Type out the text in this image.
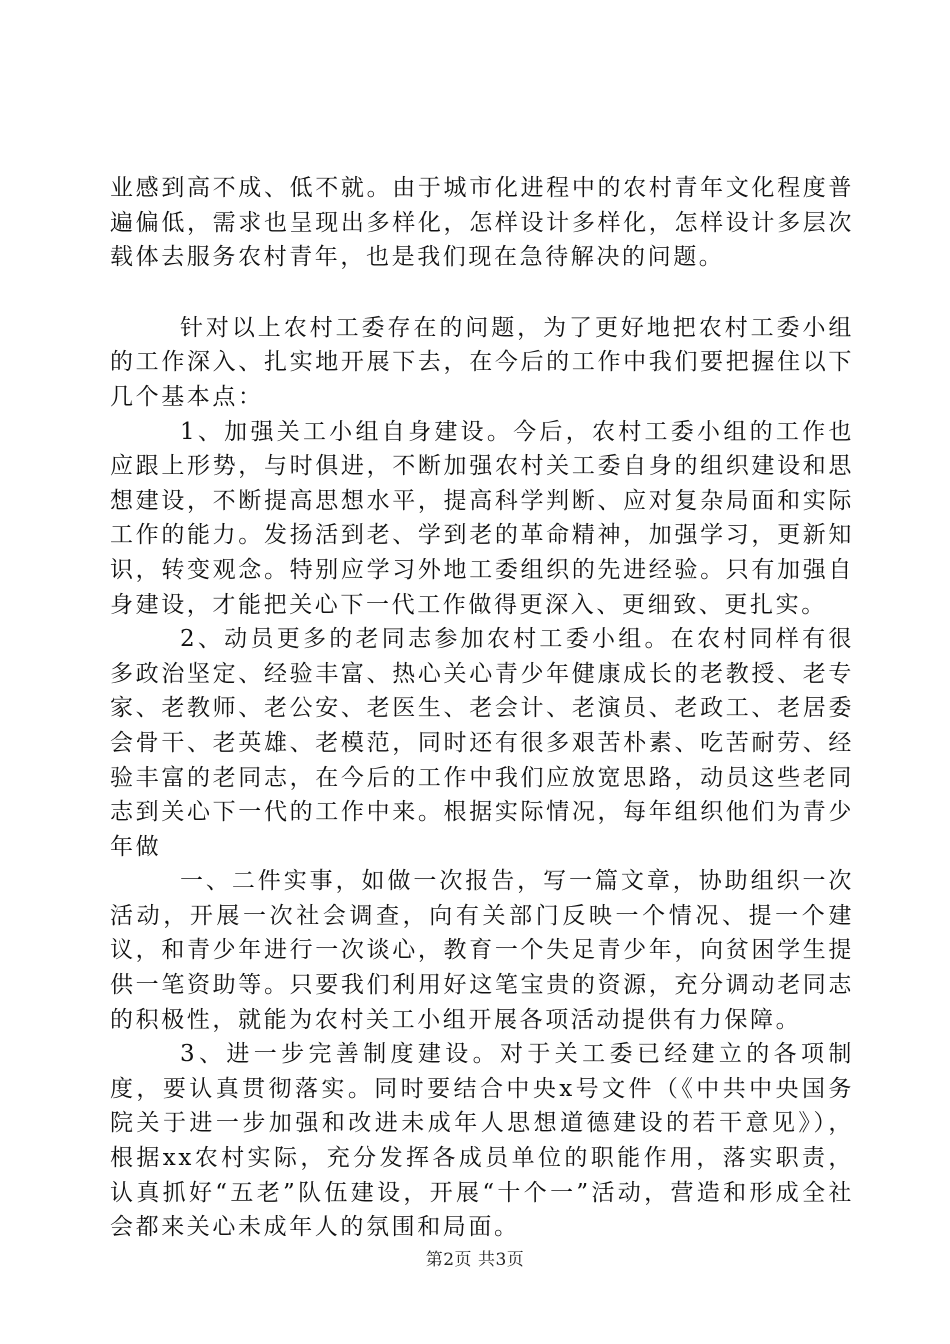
业感到高不成、低不就。由于城市化进程中的农村青年文化程度普遍偏低，需求也呈现出多样化，怎样设计多样化，怎样设计多层次载体去服务农村青年，也是我们现在急待解决的问题。

针对以上农村工委存在的问题，为了更好地把农村工委小组的工作深入、扎实地开展下去，在今后的工作中我们要把握住以下几个基本点：

1、加强关工小组自身建设。今后，农村工委小组的工作也应跟上形势，与时俱进，不断加强农村关工委自身的组织建设和思想建设，不断提高思想水平，提高科学判断、应对复杂局面和实际工作的能力。发扬活到老、学到老的革命精神，加强学习，更新知识，转变观念。特别应学习外地工委组织的先进经验。只有加强自身建设，才能把关心下一代工作做得更深入、更细致、更扎实。

2、动员更多的老同志参加农村工委小组。在农村同样有很多政治坚定、经验丰富、热心关心青少年健康成长的老教授、老专家、老教师、老公安、老医生、老会计、老演员、老政工、老居委会骨干、老英雄、老模范，同时还有很多艰苦朴素、吃苦耐劳、经验丰富的老同志，在今后的工作中我们应放宽思路，动员这些老同志到关心下一代的工作中来。根据实际情况，每年组织他们为青少年做

一、二件实事，如做一次报告，写一篇文章，协助组织一次活动，开展一次社会调查，向有关部门反映一个情况、提一个建议，和青少年进行一次谈心，教育一个失足青少年，向贫困学生提供一笔资助等。只要我们利用好这笔宝贵的资源，充分调动老同志的积极性，就能为农村关工小组开展各项活动提供有力保障。

3、进一步完善制度建设。对于关工委已经建立的各项制度，要认真贯彻落实。同时要结合中央x号文件（《中共中央国务院关于进一步加强和改进未成年人思想道德建设的若干意见》），根据xx农村实际，充分发挥各成员单位的职能作用，落实职责，认真抓好“五老”队伍建设，开展“十个一”活动，营造和形成全社会都来关心未成年人的氛围和局面。

第2页 共3页
